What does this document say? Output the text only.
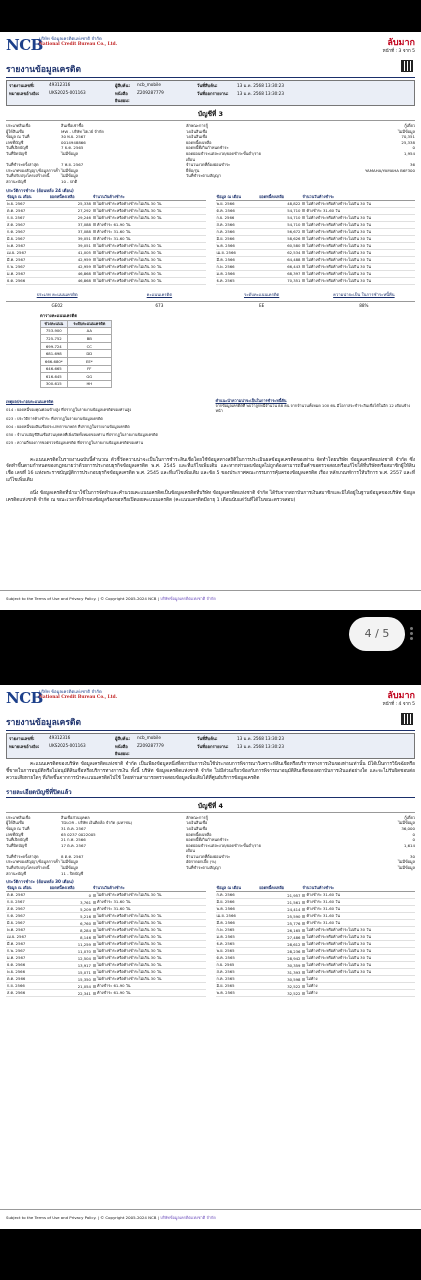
NCB
บริษัท ข้อมูลเครดิตแห่งชาติ จำกัด
National Credit Bureau Co., Ltd.	ลับมาก
หน้าที่ : 3 จาก 5
รายงานข้อมูลเครดิต
รายงานเลขที่:	49312316	ผู้สืบค้น:	ncb_mobile	วันที่สืบค้น:	13 ม.ค. 2568 13:30:23
หมายเลขอ้างอิง:	UKS2025-001163	หนังสือยินยอม:
Z209287779	วันที่ออกรายงาน:	13 ม.ค. 2568 13:30:23
บัญชีที่ 3
ประเภทสินเชื่อ	สินเชื่อเช่าซื้อ	ลักษณะการกู้	กู้เดี่ยว
ผู้ให้สินเชื่อ	MW - บริษัท ไฮเวย์ จำกัด	วงเงินสินเชื่อ	ไม่มีข้อมูล
ข้อมูล ณ วันที่	30 พ.ย. 2567	วงเงินสินเชื่อ	70,351
เลขที่บัญชี	0014948866	ยอดหนี้คงเหลือ	25,338
วันที่เปิดบัญชี	7 ธ.ค. 2565	ยอดหนี้ที่เกินกำหนดชำระ	0
วันที่ปิดบัญชี	ไม่มีข้อมูล	ยอดผ่อนชำระแต่ละงวด/ยอดชำระขั้นต่ำ/รายเดือน
1,954
วันที่ชำระครั้งล่าสุด	7 พ.ย. 2567	จำนวนงวดที่ต้องผ่อนชำระ	36
ประเภทของสัญญา/ข้อมูลการค้ำ ไม่มีข้อมูล	ยี่ห้อ/รุ่น	YAMAHA/YAMAHA B6F300
วันที่ปรับปรุงโครงสร้างหนี้	ไม่มีข้อมูล	วันที่ชำระตามสัญญา
สถานะบัญชี	10 - ปกติ
ประวัติการชำระ (ย้อนหลัง 24 เดือน)
ข้อมูล ณ เดือน	ยอดหนี้คงเหลือ	จำนวนวันค้างชำระ
พ.ย. 2567	25,338	ไม่ค้างชำระหรือค้างชำระไม่เกิน 30 วัน
ต.ค. 2567	27,292	ไม่ค้างชำระหรือค้างชำระไม่เกิน 30 วัน
ก.ย. 2567	29,246	ไม่ค้างชำระหรือค้างชำระไม่เกิน 30 วัน
ส.ค. 2567	37,088	ค้างชำระ 61-90 วัน
ก.ค. 2567	37,088	ค้างชำระ 31-60 วัน
มิ.ย. 2567	39,051	ค้างชำระ 31-60 วัน
พ.ค. 2567	39,051	ไม่ค้างชำระหรือค้างชำระไม่เกิน 30 วัน
เม.ย. 2567	41,005	ไม่ค้างชำระหรือค้างชำระไม่เกิน 30 วัน
มี.ค. 2567	42,959	ไม่ค้างชำระหรือค้างชำระไม่เกิน 30 วัน
ก.พ. 2567	42,959	ไม่ค้างชำระหรือค้างชำระไม่เกิน 30 วัน
ม.ค. 2567	46,868	ไม่ค้างชำระหรือค้างชำระไม่เกิน 30 วัน
ธ.ค. 2566	46,868	ไม่ค้างชำระหรือค้างชำระไม่เกิน 30 วัน
ข้อมูล ณ เดือน	ยอดหนี้คงเหลือ	จำนวนวันค้างชำระ
พ.ย. 2566	48,822	ไม่ค้างชำระหรือค้างชำระไม่เกิน 30 วัน
ต.ค. 2566	54,710	ค้างชำระ 31-60 วัน
ก.ย. 2566	54,710	ไม่ค้างชำระหรือค้างชำระไม่เกิน 30 วัน
ส.ค. 2566	54,710	ไม่ค้างชำระหรือค้างชำระไม่เกิน 30 วัน
ก.ค. 2566	56,672	ไม่ค้างชำระหรือค้างชำระไม่เกิน 30 วัน
มิ.ย. 2566	58,626	ไม่ค้างชำระหรือค้างชำระไม่เกิน 30 วัน
พ.ค. 2566	60,580	ไม่ค้างชำระหรือค้างชำระไม่เกิน 30 วัน
เม.ย. 2566	62,534	ไม่ค้างชำระหรือค้างชำระไม่เกิน 30 วัน
มี.ค. 2566	64,488	ไม่ค้างชำระหรือค้างชำระไม่เกิน 30 วัน
ก.พ. 2566	66,443	ไม่ค้างชำระหรือค้างชำระไม่เกิน 30 วัน
ม.ค. 2566	68,397	ไม่ค้างชำระหรือค้างชำระไม่เกิน 30 วัน
ธ.ค. 2565	70,351	ไม่ค้างชำระหรือค้างชำระไม่เกิน 30 วัน
ประเภท คะแนนเครดิต
GE02
คะแนนเครดิต
673
ระดับคะแนนเครดิต
EE
ความน่าจะเป็น ในการชำระหนี้คืน
88%
ตารางคะแนนเครดิต
ช่วงคะแนน	ระดับคะแนนเครดิต
753-900	AA
725-752	BB
699-724	CC
681-698	DD
666-680*	EE*
646-665	FF
616-645	GG
300-615	HH
เหตุผลประกอบคะแนนเครดิต
014 : ยอดหนี้ของคุณค่อนข้างสูง ที่ปรากฏในรายงานข้อมูลเครดิตของท่านสูง
023 : ประวัติการค้างชำระ ที่ปรากฏในรายงานข้อมูลเครดิต
004 : ยอดหนี้ของสินเชื่อประเภทการเกษตร ที่ปรากฏในรายงานข้อมูลเครดิต
030 : จำนวนบัญชีสินเชื่อส่วนบุคคลที่เพิ่งเปิดทั้งหมดของท่าน ที่ปรากฏในรายงานข้อมูลเครดิต
025 : ความถี่ของการขอตรวจข้อมูลเครดิต ที่ปรากฏในรายงานข้อมูลเครดิตของท่าน
คำแนะนำความน่าจะเป็นในการชำระหนี้คืน
จากข้อมูลเครดิตที่ พบว่าลูกหนี้จำนวน 88 คน จากจำนวนทั้งหมด 100 คน มีโอกาสจะชำระสินเชื่อได้ในอีก 12 เดือนข้างหน้า
คะแนนเครดิตในรายงานฉบับนี้คำนวณ ตัวชี้วัดความน่าจะเป็นในการชำระสินเชื่อโดยใช้ข้อมูลทางสถิติในการประเมินผลข้อมูลเครดิตของท่าน จัดทำโดยบริษัท ข้อมูลเครดิตแห่งชาติ จำกัด ซึ่งจัดทำขึ้นตามกำหนดของกฎหมายว่าด้วยการประกอบธุรกิจข้อมูลเครดิต พ.ศ. 2545 และที่แก้ไขเพิ่มเติม และหากท่านพบข้อมูลไม่ถูกต้องสามารถยื่นคำขอตรวจสอบหรือแก้ไขได้ที่บริษัทหรือสมาชิกผู้ให้สินเชื่อ เลขที่ 16 แห่งพระราชบัญญัติการประกอบธุรกิจข้อมูลเครดิต พ.ศ. 2545 และที่แก้ไขเพิ่มเติม และข้อ 5 ของประกาศคณะกรรมการคุ้มครองข้อมูลเครดิต เรื่อง หลักเกณฑ์การให้บริการ พ.ศ. 2557 และที่แก้ไขเพิ่มเติม
อนึ่ง ข้อมูลเครดิตที่นำมาใช้ในการจัดทำและคำนวณคะแนนเครดิตเป็นข้อมูลเครดิตที่บริษัท ข้อมูลเครดิตแห่งชาติ จำกัด ได้รับจากสถาบันการเงินสมาชิกและมิได้อยู่ในฐานข้อมูลของบริษัท ข้อมูลเครดิตแห่งชาติ จำกัด ณ ขณะเวลาที่เจ้าของข้อมูลร้องขอหรือเปิดเผยคะแนนเครดิต (คะแนนเครดิตมีอายุ 1 เดือนนับแต่วันที่ได้ในขณะตรวจสอบ)
Subject to the Terms of Use and Privacy Policy. | © Copyright 2005-2024 NCB | บริษัทข้อมูลเครดิตแห่งชาติ จำกัด
NCB
บริษัท ข้อมูลเครดิตแห่งชาติ จำกัด
National Credit Bureau Co., Ltd.	ลับมาก
หน้าที่ : 4 จาก 5
รายงานข้อมูลเครดิต
รายงานเลขที่:	49312316	ผู้สืบค้น:	ncb_mobile	วันที่สืบค้น:	13 ม.ค. 2568 13:30:23
หมายเลขอ้างอิง:	UKS2025-001163	หนังสือยินยอม:
Z209287779	วันที่ออกรายงาน:	13 ม.ค. 2568 13:30:23
คะแนนเครดิตของบริษัท ข้อมูลเครดิตแห่งชาติ จำกัด เป็นเพียงข้อมูลหนึ่งที่สถาบันการเงินใช้ประกอบการพิจารณาวิเคราะห์สินเชื่อหรือบริการทางการเงินของท่านเท่านั้น มิได้เป็นการวินิจฉัยหรือชี้ขาดในการอนุมัติหรือไม่อนุมัติสินเชื่อหรือบริการทางการเงิน ทั้งนี้ บริษัท ข้อมูลเครดิตแห่งชาติ จำกัด ไม่มีส่วนเกี่ยวข้องกับการพิจารณาอนุมัติสินเชื่อของสถาบันการเงินแต่อย่างใด และจะไม่รับผิดชอบต่อความเสียหายใดๆ ที่เกิดขึ้นจากการนำคะแนนเครดิตไปใช้ โดยท่านสามารถตรวจสอบข้อมูลเพิ่มเติมได้ที่ศูนย์บริการข้อมูลเครดิต
รายละเอียดบัญชีที่ปิดแล้ว
บัญชีที่ 4
ประเภทสินเชื่อ	สินเชื่อส่วนบุคคล	ลักษณะการกู้	กู้เดี่ยว
ผู้ให้สินเชื่อ	TDLOR - บริษัท เงินติดล้อ จำกัด (มหาชน)	วงเงินสินเชื่อ	ไม่มีข้อมูล
ข้อมูล ณ วันที่	31 ต.ค. 2567	วงเงินสินเชื่อ	36,000
เลขที่บัญชี	65 0237 0022005	ยอดหนี้คงเหลือ	0
วันที่เปิดบัญชี	21 ก.พ. 2566	ยอดหนี้ที่เกินกำหนดชำระ	0
วันที่ปิดบัญชี	17 ต.ค. 2567	ยอดผ่อนชำระแต่ละงวด/ยอดชำระขั้นต่ำ/รายเดือน
1,614
วันที่ชำระครั้งล่าสุด	8 ต.ค. 2567	จำนวนงวดที่ต้องผ่อนชำระ	30
ประเภทของสัญญา/ข้อมูลการค้ำ ไม่มีข้อมูล	อัตราดอกเบี้ย (%)	ไม่มีข้อมูล
วันที่ปรับปรุงโครงสร้างหนี้	ไม่มีข้อมูล	วันที่ชำระตามสัญญา	ไม่มีข้อมูล
สถานะบัญชี	11 - ปิดบัญชี
ประวัติการชำระ (ย้อนหลัง 30 เดือน)
ข้อมูล ณ เดือน	ยอดหนี้คงเหลือ	จำนวนวันค้างชำระ
ต.ค. 2567	0	ไม่ค้างชำระหรือค้างชำระไม่เกิน 30 วัน
ก.ย. 2567	3,761	ค้างชำระ 31-60 วัน
ส.ค. 2567	5,209	ค้างชำระ 31-60 วัน
ก.ค. 2567	5,216	ไม่ค้างชำระหรือค้างชำระไม่เกิน 30 วัน
มิ.ย. 2567	6,760	ไม่ค้างชำระหรือค้างชำระไม่เกิน 30 วัน
พ.ค. 2567	8,284	ไม่ค้างชำระหรือค้างชำระไม่เกิน 30 วัน
เม.ย. 2567	8,146	ไม่ค้างชำระหรือค้างชำระไม่เกิน 30 วัน
มี.ค. 2567	11,259	ไม่ค้างชำระหรือค้างชำระไม่เกิน 30 วัน
ก.พ. 2567	11,070	ไม่ค้างชำระหรือค้างชำระไม่เกิน 30 วัน
ม.ค. 2567	12,504	ไม่ค้างชำระหรือค้างชำระไม่เกิน 30 วัน
ธ.ค. 2566	13,917	ไม่ค้างชำระหรือค้างชำระไม่เกิน 30 วัน
พ.ย. 2566	15,071	ไม่ค้างชำระหรือค้างชำระไม่เกิน 30 วัน
ต.ค. 2566	15,350	ไม่ค้างชำระหรือค้างชำระไม่เกิน 30 วัน
ก.ย. 2566	21,054	ค้างชำระ 61-90 วัน
ส.ค. 2566	22,341	ค้างชำระ 61-90 วัน
ข้อมูล ณ เดือน	ยอดหนี้คงเหลือ	จำนวนวันค้างชำระ
ก.ค. 2566	21,957	ค้างชำระ 31-60 วัน
มิ.ย. 2566	21,561	ค้างชำระ 31-60 วัน
พ.ค. 2566	24,414	ค้างชำระ 31-60 วัน
เม.ย. 2566	25,590	ค้างชำระ 31-60 วัน
มี.ค. 2566	25,776	ค้างชำระ 31-60 วัน
ก.พ. 2565	26,165	ไม่ค้างชำระหรือค้างชำระไม่เกิน 30 วัน
ม.ค. 2565	27,486	ไม่ค้างชำระหรือค้างชำระไม่เกิน 30 วัน
ธ.ค. 2565	28,612	ไม่ค้างชำระหรือค้างชำระไม่เกิน 30 วัน
พ.ย. 2565	28,236	ไม่ค้างชำระหรือค้างชำระไม่เกิน 30 วัน
ต.ค. 2565	28,942	ไม่ค้างชำระหรือค้างชำระไม่เกิน 30 วัน
ก.ย. 2565	30,359	ไม่ค้างชำระหรือค้างชำระไม่เกิน 30 วัน
ส.ค. 2565	31,393	ไม่ค้างชำระหรือค้างชำระไม่เกิน 30 วัน
ก.ค. 2565	30,598	ไม่ค้าง
มิ.ย. 2565	32,522	ไม่ค้าง
พ.ค. 2565	32,522	ไม่ค้าง
Subject to the Terms of Use and Privacy Policy. | © Copyright 2005-2024 NCB | บริษัทข้อมูลเครดิตแห่งชาติ จำกัด
4 / 5
